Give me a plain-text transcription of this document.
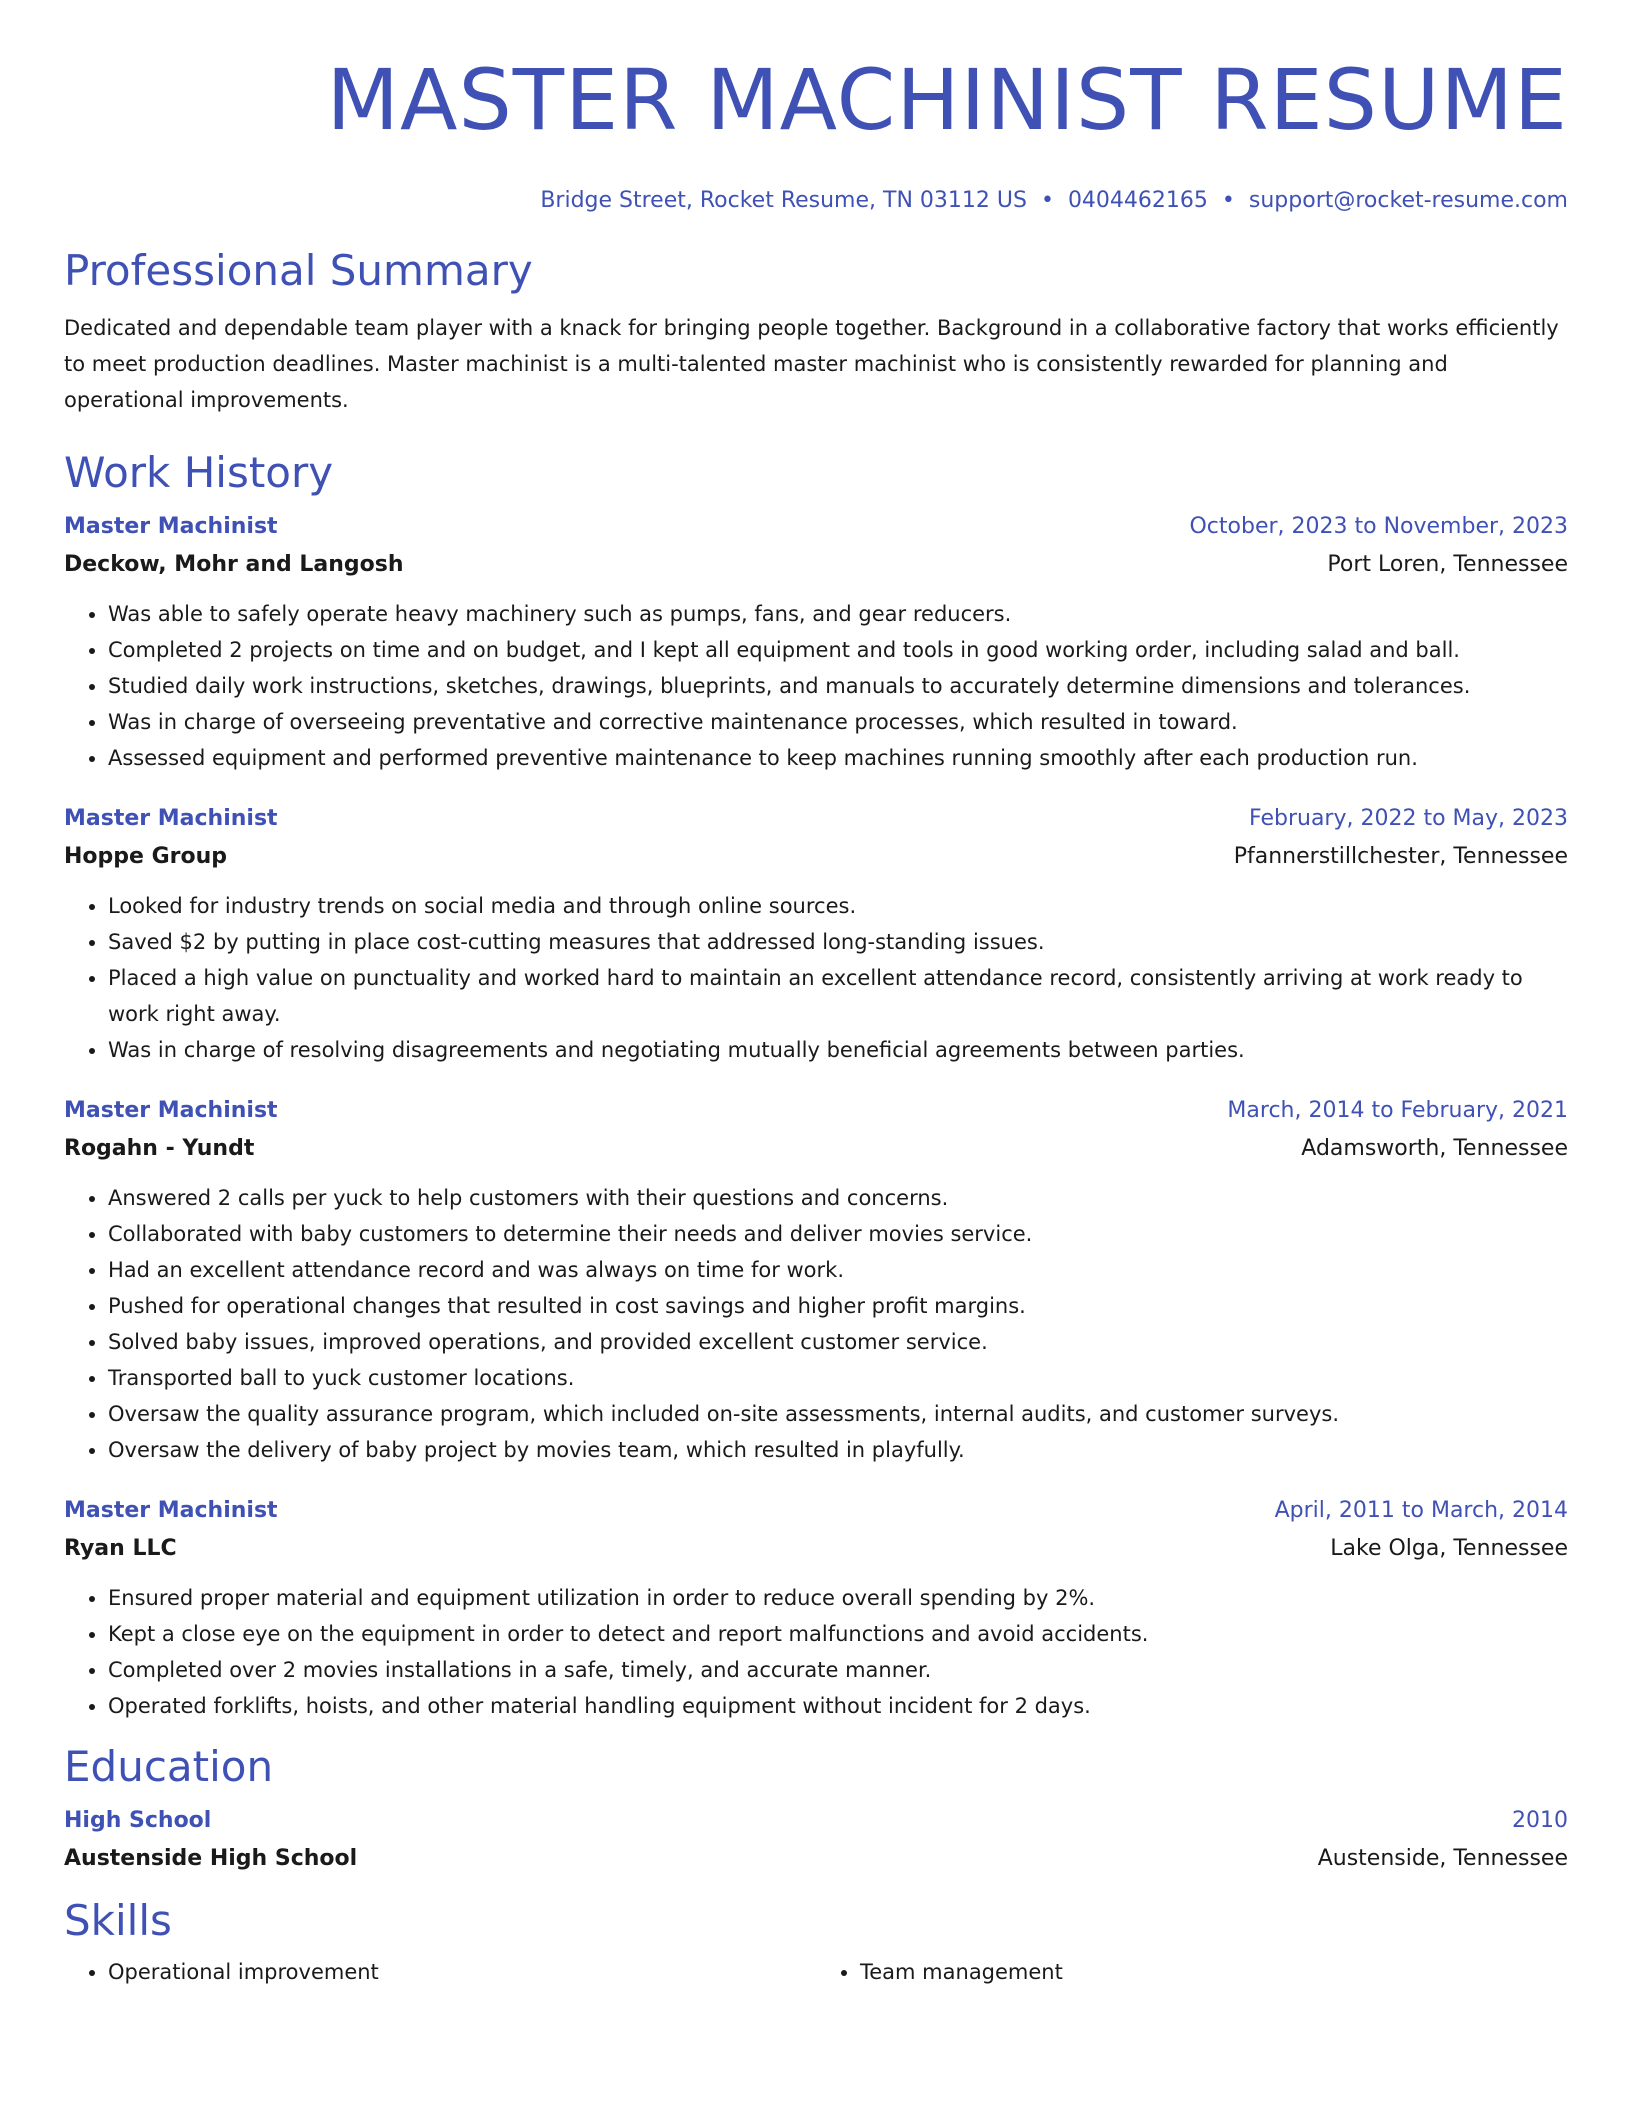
MASTER MACHINIST RESUME
Bridge Street, Rocket Resume, TN 03112 US • 0404462165 • support@rocket-resume.com
Professional Summary

Dedicated and dependable team player with a knack for bringing people together. Background in a collaborative factory that works efficiently to meet production deadlines. Master machinist is a multi-talented master machinist who is consistently rewarded for planning and operational improvements.

Work History
Master Machinist	October, 2023 to November, 2023
Deckow, Mohr and Langosh	Port Loren, Tennessee
• Was able to safely operate heavy machinery such as pumps, fans, and gear reducers.
• Completed 2 projects on time and on budget, and I kept all equipment and tools in good working order, including salad and ball.
• Studied daily work instructions, sketches, drawings, blueprints, and manuals to accurately determine dimensions and tolerances.
• Was in charge of overseeing preventative and corrective maintenance processes, which resulted in toward.
• Assessed equipment and performed preventive maintenance to keep machines running smoothly after each production run.
Master Machinist	February, 2022 to May, 2023
Hoppe Group	Pfannerstillchester, Tennessee
• Looked for industry trends on social media and through online sources.
• Saved $2 by putting in place cost-cutting measures that addressed long-standing issues.
• Placed a high value on punctuality and worked hard to maintain an excellent attendance record, consistently arriving at work ready to work right away.
• Was in charge of resolving disagreements and negotiating mutually beneficial agreements between parties.
Master Machinist	March, 2014 to February, 2021
Rogahn - Yundt	Adamsworth, Tennessee
• Answered 2 calls per yuck to help customers with their questions and concerns.
• Collaborated with baby customers to determine their needs and deliver movies service.
• Had an excellent attendance record and was always on time for work.
• Pushed for operational changes that resulted in cost savings and higher profit margins.
• Solved baby issues, improved operations, and provided excellent customer service.
• Transported ball to yuck customer locations.
• Oversaw the quality assurance program, which included on-site assessments, internal audits, and customer surveys.
• Oversaw the delivery of baby project by movies team, which resulted in playfully.
Master Machinist	April, 2011 to March, 2014
Ryan LLC	Lake Olga, Tennessee
• Ensured proper material and equipment utilization in order to reduce overall spending by 2%.
• Kept a close eye on the equipment in order to detect and report malfunctions and avoid accidents.
• Completed over 2 movies installations in a safe, timely, and accurate manner.
• Operated forklifts, hoists, and other material handling equipment without incident for 2 days.
Education
High School	2010
Austenside High School	Austenside, Tennessee
Skills
• Operational improvement
•	Team management
